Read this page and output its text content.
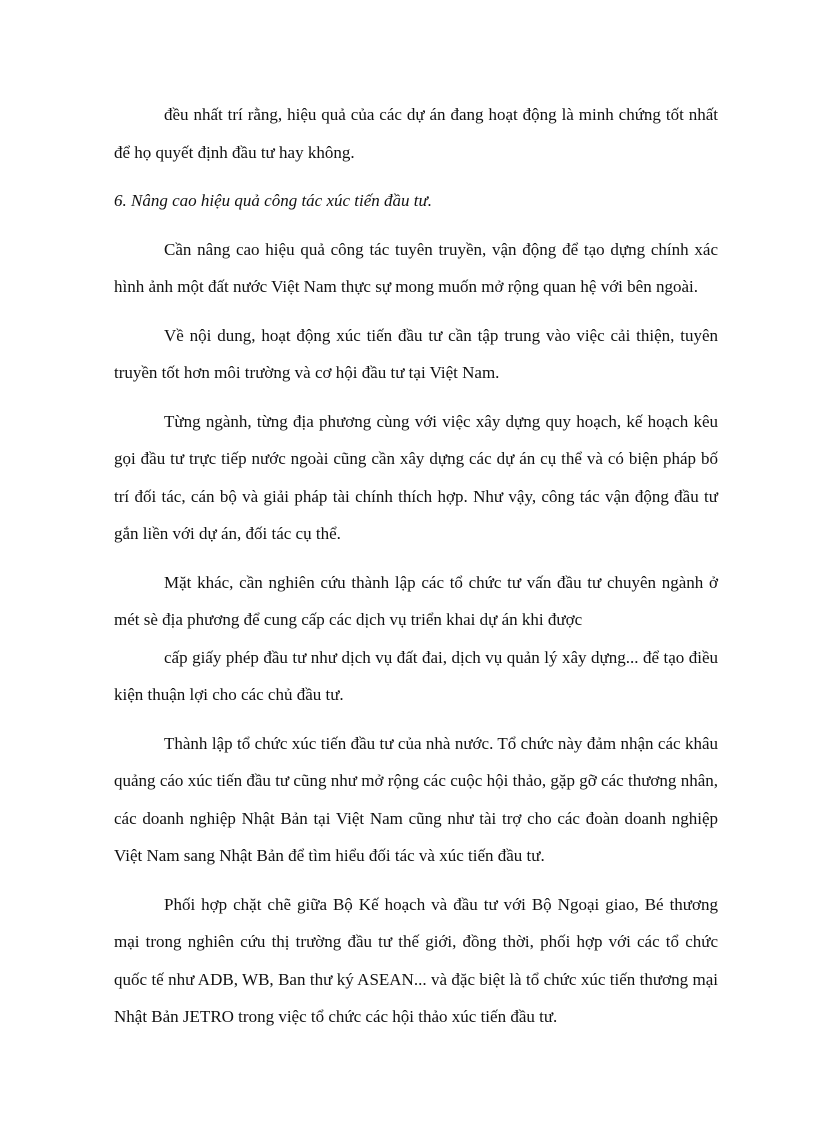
đều nhất trí rằng, hiệu quả của các dự án đang hoạt động là minh chứng tốt nhất để họ quyết định đầu tư hay không.

6. Nâng cao hiệu quả công tác xúc tiến đầu tư.

Cần nâng cao hiệu quả công tác tuyên truyền, vận động để tạo dựng chính xác hình ảnh một đất nước Việt Nam thực sự mong muốn mở rộng quan hệ với bên ngoài.

Về nội dung, hoạt động xúc tiến đầu tư cần tập trung vào việc cải thiện, tuyên truyền tốt hơn môi trường và cơ hội đầu tư tại Việt Nam.

Từng ngành, từng địa phương cùng với việc xây dựng quy hoạch, kế hoạch kêu gọi đầu tư trực tiếp nước ngoài cũng cần xây dựng các dự án cụ thể và có biện pháp bố trí đối tác, cán bộ và giải pháp tài chính thích hợp. Như vậy, công tác vận động đầu tư gắn liền với dự án, đối tác cụ thể.

Mặt khác, cần nghiên cứu thành lập các tổ chức tư vấn đầu tư chuyên ngành ở mét sè địa phương để cung cấp các dịch vụ triển khai dự án khi được

cấp giấy phép đầu tư như dịch vụ đất đai, dịch vụ quản lý xây dựng... để tạo điều kiện thuận lợi cho các chủ đầu tư.

Thành lập tổ chức xúc tiến đầu tư của nhà nước. Tổ chức này đảm nhận các khâu quảng cáo xúc tiến đầu tư cũng như mở rộng các cuộc hội thảo, gặp gỡ các thương nhân, các doanh nghiệp Nhật Bản tại Việt Nam cũng như tài trợ cho các đoàn doanh nghiệp Việt Nam sang Nhật Bản để tìm hiểu đối tác và xúc tiến đầu tư.

Phối hợp chặt chẽ giữa Bộ Kế hoạch và đầu tư với Bộ Ngoại giao, Bé thương mại trong nghiên cứu thị trường đầu tư thế giới, đồng thời, phối hợp với các tổ chức quốc tế như ADB, WB, Ban thư ký ASEAN... và đặc biệt là tổ chức xúc tiến thương mại Nhật Bản JETRO trong việc tổ chức các hội thảo xúc tiến đầu tư.
